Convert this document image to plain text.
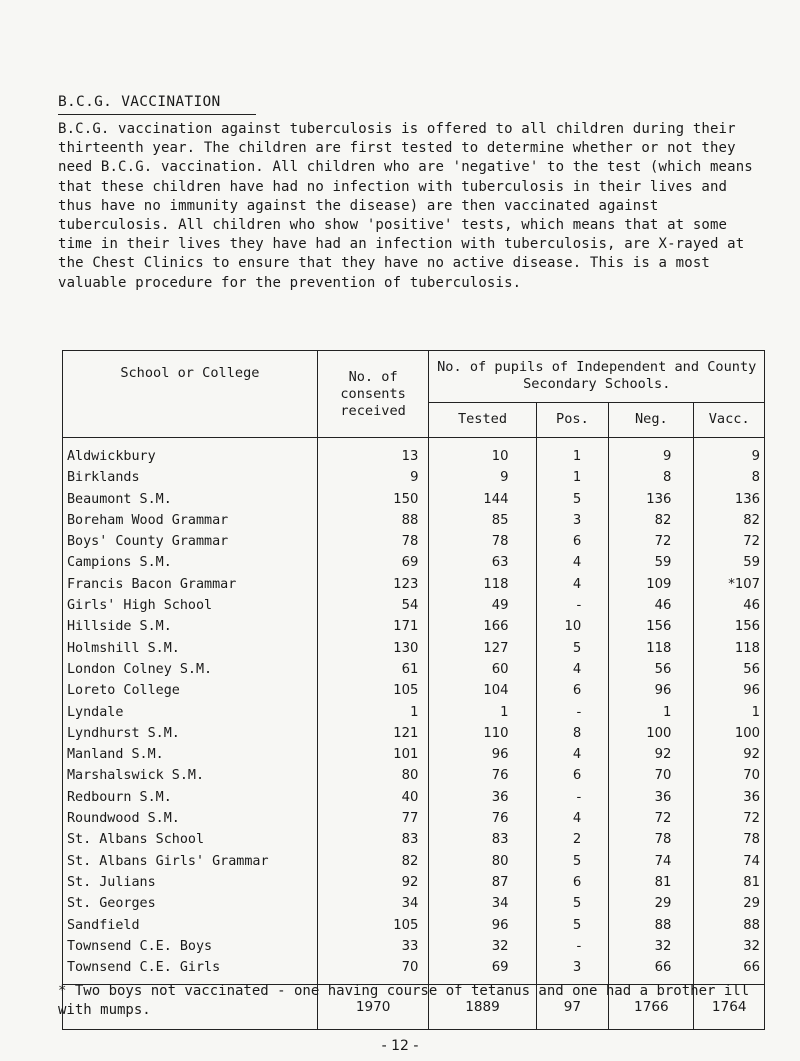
B.C.G. VACCINATION

B.C.G. vaccination against tuberculosis is offered to all children during their thirteenth year. The children are first tested to determine whether or not they need B.C.G. vaccination. All children who are 'negative' to the test (which means that these children have had no infection with tuberculosis in their lives and thus have no immunity against the disease) are then vaccinated against tuberculosis. All children who show 'positive' tests, which means that at some time in their lives they have had an infection with tuberculosis, are X-rayed at the Chest Clinics to ensure that they have no active disease. This is a most valuable procedure for the prevention of tuberculosis.

School or College	No. of consents received	No. of pupils of Independent and County Secondary Schools.			
		Tested	Pos.	Neg.	Vacc.
Aldwickbury	13	10	1	9	9
Birklands	9	9	1	8	8
Beaumont S.M.	150	144	5	136	136
Boreham Wood Grammar	88	85	3	82	82
Boys' County Grammar	78	78	6	72	72
Campions S.M.	69	63	4	59	59
Francis Bacon Grammar	123	118	4	109	*107
Girls' High School	54	49	-	46	46
Hillside S.M.	171	166	10	156	156
Holmshill S.M.	130	127	5	118	118
London Colney S.M.	61	60	4	56	56
Loreto College	105	104	6	96	96
Lyndale	1	1	-	1	1
Lyndhurst S.M.	121	110	8	100	100
Manland S.M.	101	96	4	92	92
Marshalswick S.M.	80	76	6	70	70
Redbourn S.M.	40	36	-	36	36
Roundwood S.M.	77	76	4	72	72
St. Albans School	83	83	2	78	78
St. Albans Girls' Grammar	82	80	5	74	74
St. Julians	92	87	6	81	81
St. Georges	34	34	5	29	29
Sandfield	105	96	5	88	88
Townsend C.E. Boys	33	32	-	32	32
Townsend C.E. Girls	70	69	3	66	66
	1970	1889	97	1766	1764

* Two boys not vaccinated - one having course of tetanus and one had a brother ill with mumps.

- 12 -
